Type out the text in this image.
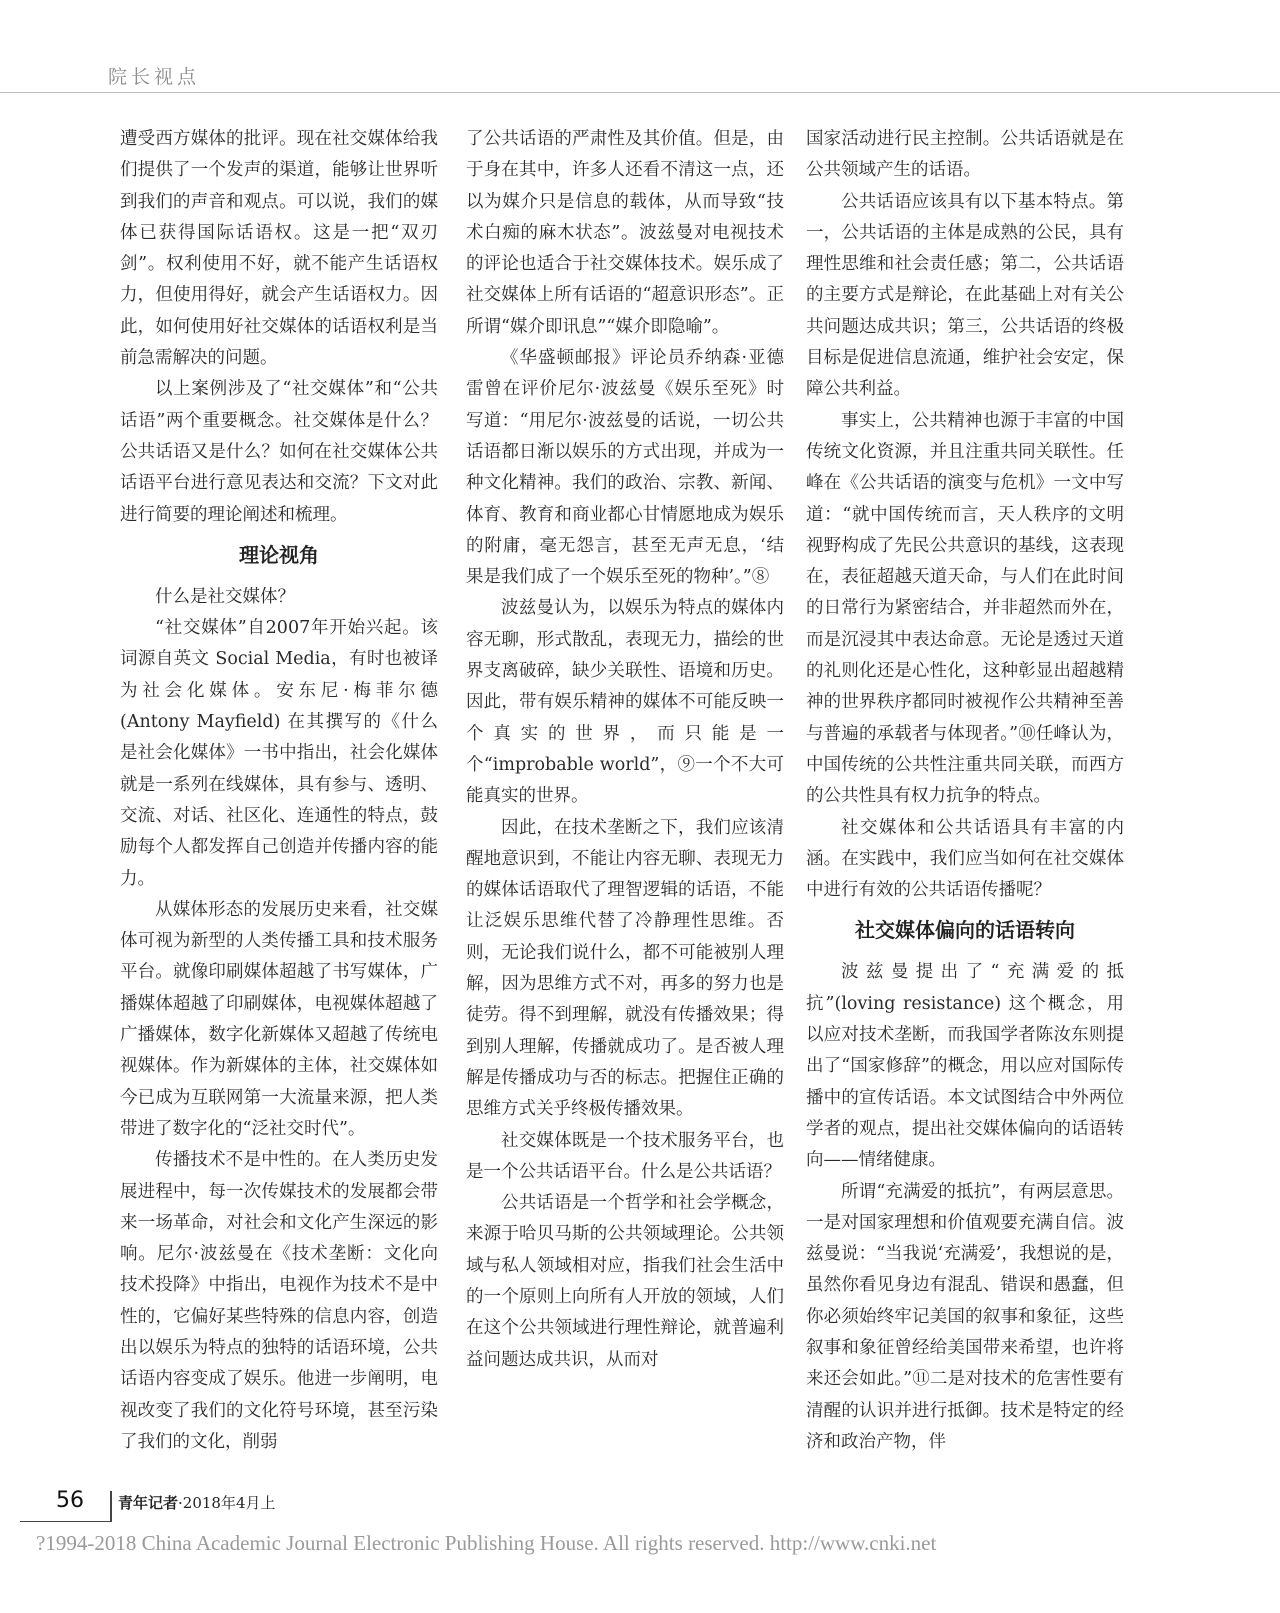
院长视点

遭受西方媒体的批评。现在社交媒体给我们提供了一个发声的渠道，能够让世界听到我们的声音和观点。可以说，我们的媒体已获得国际话语权。这是一把“双刃剑”。权利使用不好，就不能产生话语权力，但使用得好，就会产生话语权力。因此，如何使用好社交媒体的话语权利是当前急需解决的问题。

以上案例涉及了“社交媒体”和“公共话语”两个重要概念。社交媒体是什么？公共话语又是什么？如何在社交媒体公共话语平台进行意见表达和交流？下文对此进行简要的理论阐述和梳理。

理论视角

什么是社交媒体？

“社交媒体”自2007年开始兴起。该词源自英文 Social Media，有时也被译为社会化媒体。安东尼·梅菲尔德(Antony Mayfield) 在其撰写的《什么是社会化媒体》一书中指出，社会化媒体就是一系列在线媒体，具有参与、透明、交流、对话、社区化、连通性的特点，鼓励每个人都发挥自己创造并传播内容的能力。

从媒体形态的发展历史来看，社交媒体可视为新型的人类传播工具和技术服务平台。就像印刷媒体超越了书写媒体，广播媒体超越了印刷媒体，电视媒体超越了广播媒体，数字化新媒体又超越了传统电视媒体。作为新媒体的主体，社交媒体如今已成为互联网第一大流量来源，把人类带进了数字化的“泛社交时代”。

传播技术不是中性的。在人类历史发展进程中，每一次传媒技术的发展都会带来一场革命，对社会和文化产生深远的影响。尼尔·波兹曼在《技术垄断：文化向技术投降》中指出，电视作为技术不是中性的，它偏好某些特殊的信息内容，创造出以娱乐为特点的独特的话语环境，公共话语内容变成了娱乐。他进一步阐明，电视改变了我们的文化符号环境，甚至污染了我们的文化，削弱

了公共话语的严肃性及其价值。但是，由于身在其中，许多人还看不清这一点，还以为媒介只是信息的载体，从而导致“技术白痴的麻木状态”。波兹曼对电视技术的评论也适合于社交媒体技术。娱乐成了社交媒体上所有话语的“超意识形态”。正所谓“媒介即讯息”“媒介即隐喻”。

《华盛顿邮报》评论员乔纳森·亚德雷曾在评价尼尔·波兹曼《娱乐至死》时写道：“用尼尔·波兹曼的话说，一切公共话语都日渐以娱乐的方式出现，并成为一种文化精神。我们的政治、宗教、新闻、体育、教育和商业都心甘情愿地成为娱乐的附庸，毫无怨言，甚至无声无息，‘结果是我们成了一个娱乐至死的物种’。”⑧

波兹曼认为，以娱乐为特点的媒体内容无聊，形式散乱，表现无力，描绘的世界支离破碎，缺少关联性、语境和历史。因此，带有娱乐精神的媒体不可能反映一个真实的世界，而只能是一个“improbable world”，⑨一个不大可能真实的世界。

因此，在技术垄断之下，我们应该清醒地意识到，不能让内容无聊、表现无力的媒体话语取代了理智逻辑的话语，不能让泛娱乐思维代替了冷静理性思维。否则，无论我们说什么，都不可能被别人理解，因为思维方式不对，再多的努力也是徒劳。得不到理解，就没有传播效果；得到别人理解，传播就成功了。是否被人理解是传播成功与否的标志。把握住正确的思维方式关乎终极传播效果。

社交媒体既是一个技术服务平台，也是一个公共话语平台。什么是公共话语？

公共话语是一个哲学和社会学概念，来源于哈贝马斯的公共领域理论。公共领域与私人领域相对应，指我们社会生活中的一个原则上向所有人开放的领域，人们在这个公共领域进行理性辩论，就普遍利益问题达成共识，从而对

国家活动进行民主控制。公共话语就是在公共领域产生的话语。

公共话语应该具有以下基本特点。第一，公共话语的主体是成熟的公民，具有理性思维和社会责任感；第二，公共话语的主要方式是辩论，在此基础上对有关公共问题达成共识；第三，公共话语的终极目标是促进信息流通，维护社会安定，保障公共利益。

事实上，公共精神也源于丰富的中国传统文化资源，并且注重共同关联性。任峰在《公共话语的演变与危机》一文中写道：“就中国传统而言，天人秩序的文明视野构成了先民公共意识的基线，这表现在，表征超越天道天命，与人们在此时间的日常行为紧密结合，并非超然而外在，而是沉浸其中表达命意。无论是透过天道的礼则化还是心性化，这种彰显出超越精神的世界秩序都同时被视作公共精神至善与普遍的承载者与体现者。”⑩任峰认为，中国传统的公共性注重共同关联，而西方的公共性具有权力抗争的特点。

社交媒体和公共话语具有丰富的内涵。在实践中，我们应当如何在社交媒体中进行有效的公共话语传播呢？

社交媒体偏向的话语转向

波兹曼提出了“充满爱的抵抗”(loving resistance) 这个概念，用以应对技术垄断，而我国学者陈汝东则提出了“国家修辞”的概念，用以应对国际传播中的宣传话语。本文试图结合中外两位学者的观点，提出社交媒体偏向的话语转向——情绪健康。

所谓“充满爱的抵抗”，有两层意思。一是对国家理想和价值观要充满自信。波兹曼说：“当我说‘充满爱’，我想说的是，虽然你看见身边有混乱、错误和愚蠢，但你必须始终牢记美国的叙事和象征，这些叙事和象征曾经给美国带来希望，也许将来还会如此。”⑪二是对技术的危害性要有清醒的认识并进行抵御。技术是特定的经济和政治产物，伴

56 青年记者·2018年4月上
?1994-2018 China Academic Journal Electronic Publishing House. All rights reserved. http://www.cnki.net
